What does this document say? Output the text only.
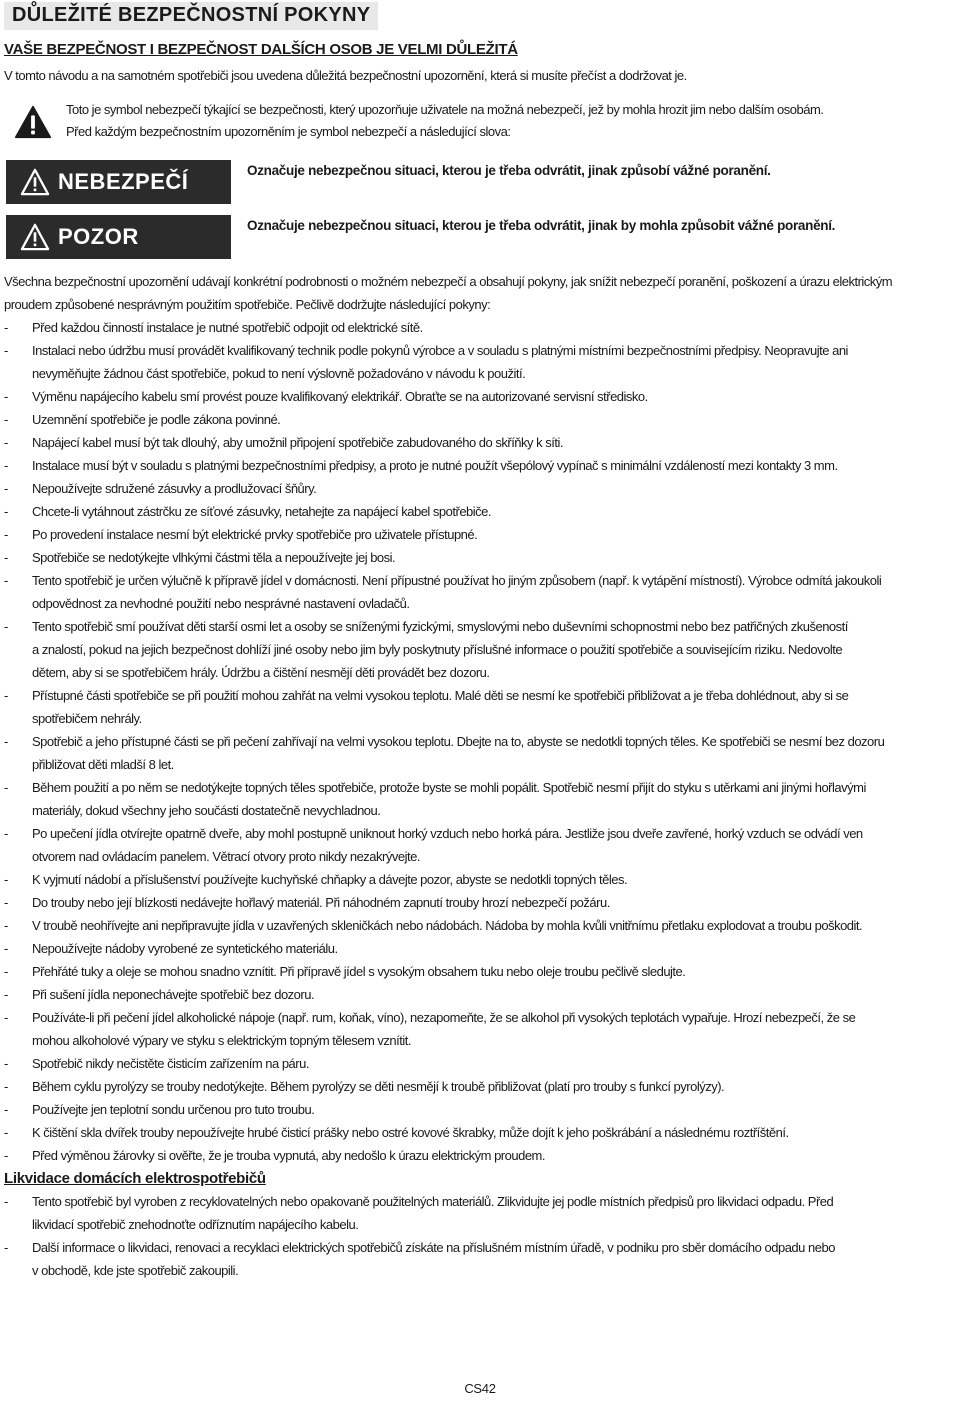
DŮLEŽITÉ BEZPEČNOSTNÍ POKYNY
VAŠE BEZPEČNOST I BEZPEČNOST DALŠÍCH OSOB JE VELMI DŮLEŽITÁ
V tomto návodu a na samotném spotřebiči jsou uvedena důležitá bezpečnostní upozornění, která si musíte přečíst a dodržovat je.
Toto je symbol nebezpečí týkající se bezpečnosti, který upozorňuje uživatele na možná nebezpečí, jež by mohla hrozit jim nebo dalším osobám.
Před každým bezpečnostním upozorněním je symbol nebezpečí a následující slova:
NEBEZPEČÍ	Označuje nebezpečnou situaci, kterou je třeba odvrátit, jinak způsobí vážné poranění.
POZOR	Označuje nebezpečnou situaci, kterou je třeba odvrátit, jinak by mohla způsobit vážné poranění.
Všechna bezpečnostní upozornění udávají konkrétní podrobnosti o možném nebezpečí a obsahují pokyny, jak snížit nebezpečí poranění, poškození a úrazu elektrickým
proudem způsobené nesprávným použitím spotřebiče. Pečlivě dodržujte následující pokyny:
- Před každou činností instalace je nutné spotřebič odpojit od elektrické sítě.
- Instalaci nebo údržbu musí provádět kvalifikovaný technik podle pokynů výrobce a v souladu s platnými místními bezpečnostními předpisy. Neopravujte ani
nevyměňujte žádnou část spotřebiče, pokud to není výslovně požadováno v návodu k použití.
- Výměnu napájecího kabelu smí provést pouze kvalifikovaný elektrikář. Obraťte se na autorizované servisní středisko.
- Uzemnění spotřebiče je podle zákona povinné.
- Napájecí kabel musí být tak dlouhý, aby umožnil připojení spotřebiče zabudovaného do skříňky k síti.
- Instalace musí být v souladu s platnými bezpečnostními předpisy, a proto je nutné použít všepólový vypínač s minimální vzdáleností mezi kontakty 3 mm.
- Nepoužívejte sdružené zásuvky a prodlužovací šňůry.
- Chcete-li vytáhnout zástrčku ze síťové zásuvky, netahejte za napájecí kabel spotřebiče.
- Po provedení instalace nesmí být elektrické prvky spotřebiče pro uživatele přístupné.
- Spotřebiče se nedotýkejte vlhkými částmi těla a nepoužívejte jej bosi.
- Tento spotřebič je určen výlučně k přípravě jídel v domácnosti. Není přípustné používat ho jiným způsobem (např. k vytápění místností). Výrobce odmítá jakoukoli
odpovědnost za nevhodné použití nebo nesprávné nastavení ovladačů.
- Tento spotřebič smí používat děti starší osmi let a osoby se sníženými fyzickými, smyslovými nebo duševními schopnostmi nebo bez patřičných zkušeností
a znalostí, pokud na jejich bezpečnost dohlíží jiné osoby nebo jim byly poskytnuty příslušné informace o použití spotřebiče a souvisejícím riziku. Nedovolte
dětem, aby si se spotřebičem hrály. Údržbu a čištění nesmějí děti provádět bez dozoru.
- Přístupné části spotřebiče se při použití mohou zahřát na velmi vysokou teplotu. Malé děti se nesmí ke spotřebiči přibližovat a je třeba dohlédnout, aby si se
spotřebičem nehrály.
- Spotřebič a jeho přístupné části se při pečení zahřívají na velmi vysokou teplotu. Dbejte na to, abyste se nedotkli topných těles. Ke spotřebiči se nesmí bez dozoru
přibližovat děti mladší 8 let.
- Během použití a po něm se nedotýkejte topných těles spotřebiče, protože byste se mohli popálit. Spotřebič nesmí přijít do styku s utěrkami ani jinými hořlavými
materiály, dokud všechny jeho součásti dostatečně nevychladnou.
- Po upečení jídla otvírejte opatrně dveře, aby mohl postupně uniknout horký vzduch nebo horká pára. Jestliže jsou dveře zavřené, horký vzduch se odvádí ven
otvorem nad ovládacím panelem. Větrací otvory proto nikdy nezakrývejte.
- K vyjmutí nádobí a příslušenství používejte kuchyňské chňapky a dávejte pozor, abyste se nedotkli topných těles.
- Do trouby nebo její blízkosti nedávejte hořlavý materiál. Při náhodném zapnutí trouby hrozí nebezpečí požáru.
- V troubě neohřívejte ani nepřipravujte jídla v uzavřených skleničkách nebo nádobách. Nádoba by mohla kvůli vnitřnímu přetlaku explodovat a troubu poškodit.
- Nepoužívejte nádoby vyrobené ze syntetického materiálu.
- Přehřáté tuky a oleje se mohou snadno vznítit. Při přípravě jídel s vysokým obsahem tuku nebo oleje troubu pečlivě sledujte.
- Při sušení jídla neponechávejte spotřebič bez dozoru.
- Používáte-li při pečení jídel alkoholické nápoje (např. rum, koňak, víno), nezapomeňte, že se alkohol při vysokých teplotách vypařuje. Hrozí nebezpečí, že se
mohou alkoholové výpary ve styku s elektrickým topným tělesem vznítit.
- Spotřebič nikdy nečistěte čisticím zařízením na páru.
- Během cyklu pyrolýzy se trouby nedotýkejte. Během pyrolýzy se děti nesmějí k troubě přibližovat (platí pro trouby s funkcí pyrolýzy).
- Používejte jen teplotní sondu určenou pro tuto troubu.
- K čištění skla dvířek trouby nepoužívejte hrubé čisticí prášky nebo ostré kovové škrabky, může dojít k jeho poškrábání a následnému roztříštění.
- Před výměnou žárovky si ověřte, že je trouba vypnutá, aby nedošlo k úrazu elektrickým proudem.
Likvidace domácích elektrospotřebičů
- Tento spotřebič byl vyroben z recyklovatelných nebo opakovaně použitelných materiálů. Zlikvidujte jej podle místních předpisů pro likvidaci odpadu. Před
likvidací spotřebič znehodnoťte odříznutím napájecího kabelu.
- Další informace o likvidaci, renovaci a recyklaci elektrických spotřebičů získáte na příslušném místním úřadě, v podniku pro sběr domácího odpadu nebo
v obchodě, kde jste spotřebič zakoupili.
CS42
